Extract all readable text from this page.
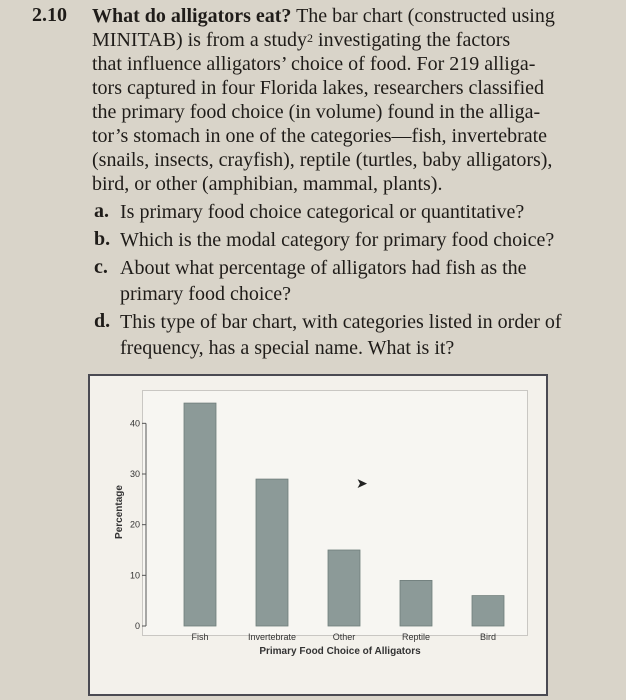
2.10 What do alligators eat? The bar chart (constructed using
MINITAB) is from a study$^2$ investigating the factors
that influence alligators’ choice of food. For 219 alliga-
tors captured in four Florida lakes, researchers classified
the primary food choice (in volume) found in the alliga-
tor’s stomach in one of the categories—fish, invertebrate
(snails, insects, crayfish), reptile (turtles, baby alligators),
bird, or other (amphibian, mammal, plants).
a. Is primary food choice categorical or quantitative?
b. Which is the modal category for primary food choice?
c. About what percentage of alligators had fish as the
primary food choice?
d. This type of bar chart, with categories listed in order of
frequency, has a special name. What is it?
0
10
20
30
40
Percentage
Fish	Invertebrate	Other	Reptile	Bird
Primary Food Choice of Alligators
➤
